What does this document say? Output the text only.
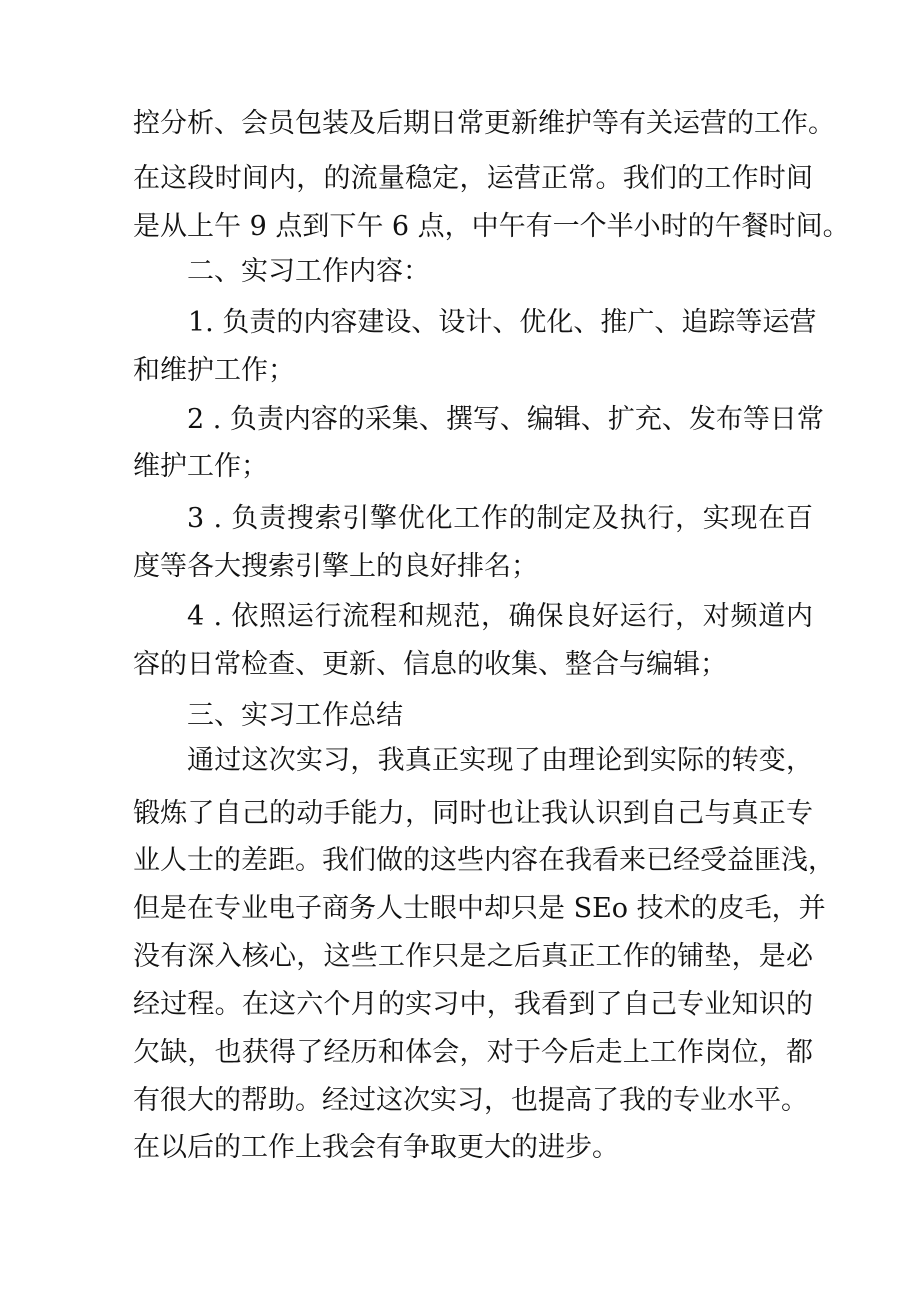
控分析、会员包装及后期日常更新维护等有关运营的工作。
在这段时间内，的流量稳定，运营正常。我们的工作时间
是从上午 9 点到下午 6 点，中午有一个半小时的午餐时间。
二、实习工作内容：
1. 负责的内容建设、设计、优化、推广、追踪等运营
和维护工作；
2 . 负责内容的采集、撰写、编辑、扩充、发布等日常
维护工作；
3 . 负责搜索引擎优化工作的制定及执行，实现在百
度等各大搜索引擎上的良好排名；
4 . 依照运行流程和规范，确保良好运行，对频道内
容的日常检查、更新、信息的收集、整合与编辑；
三、实习工作总结
通过这次实习，我真正实现了由理论到实际的转变，
锻炼了自己的动手能力，同时也让我认识到自己与真正专
业人士的差距。我们做的这些内容在我看来已经受益匪浅，
但是在专业电子商务人士眼中却只是 SEo 技术的皮毛，并
没有深入核心，这些工作只是之后真正工作的铺垫，是必
经过程。在这六个月的实习中，我看到了自己专业知识的
欠缺，也获得了经历和体会，对于今后走上工作岗位，都
有很大的帮助。经过这次实习，也提高了我的专业水平。
在以后的工作上我会有争取更大的进步。
